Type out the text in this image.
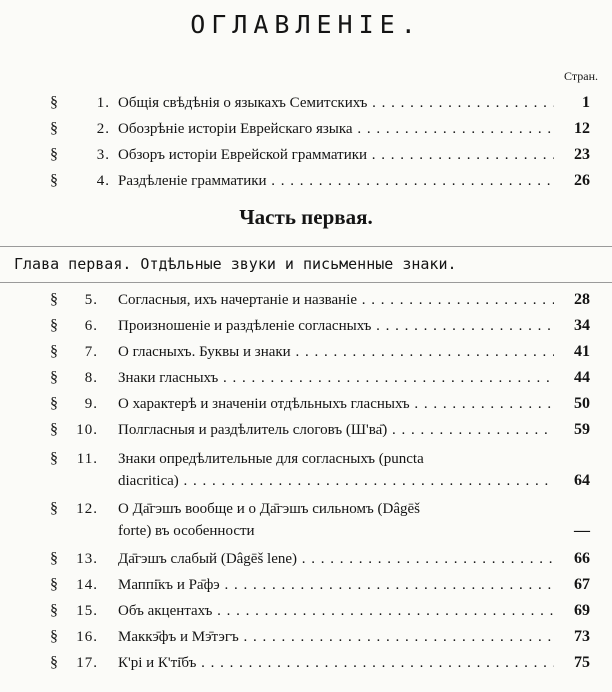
ОГЛАВЛЕНІЕ.
Стран.
§	1. Общія свѣдѣнія о языкахъ Семитскихъ . . .	1
§	2. Обозрѣніе исторіи Еврейскаго языка . . .	12
§	3. Обзоръ исторіи Еврейской грамматики . . .	23
§	4. Раздѣленіе грамматики . . .	26
Часть первая.
Глава первая. Отдѣльные звуки и письменные знаки.
§	5. Согласныя, ихъ начертаніе и названіе . . .	28
§	6. Произношеніе и раздѣленіе согласныхъ . . .	34
§	7. О гласныхъ. Буквы и знаки . . .	41
§	8. Знаки гласныхъ . . .	44
§	9. О характерѣ и значеніи отдѣльныхъ гласныхъ . . .	50
§	10. Полгласныя и раздѣлитель слоговъ (Ш'ва̄) . . .	59
§	11. Знаки опредѣлительные для согласныхъ (puncta
diacritica) . . .	64
§	12. О Да̄гэшъ вообще и о Да̄гэшъ сильномъ (Dâgēš
forte) въ особенности	—
§	13. Да̄гэшъ слабый (Dâgēš lene) . . .	66
§	14. Маппі̄къ и Ра̄фэ . . .	67
§	15. Объ акцентахъ . . .	69
§	16. Маккэ̄фъ и Мэ̄тэгъ . . .	73
§	17. К'рі и К'ті̄бъ . . .	75
